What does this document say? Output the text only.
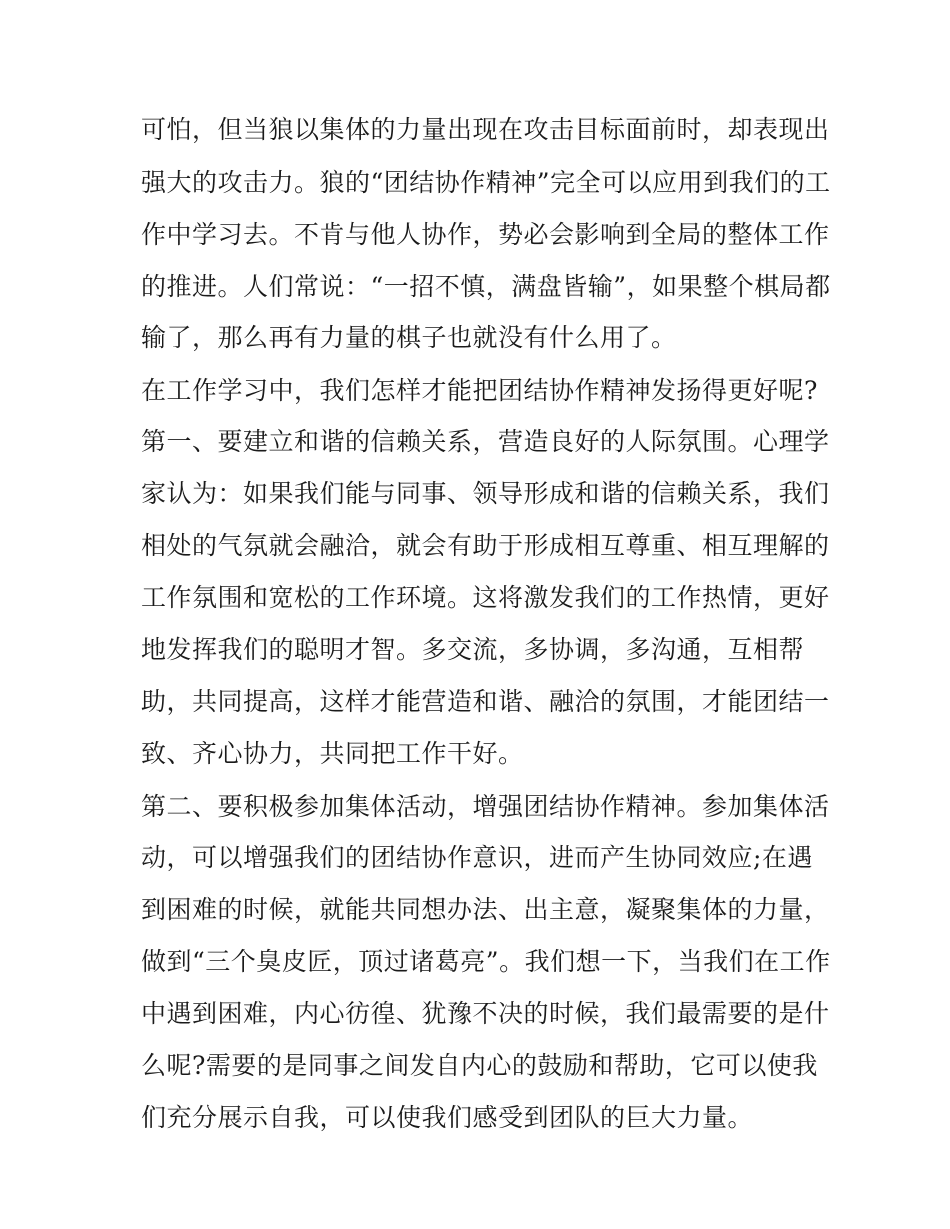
可怕，但当狼以集体的力量出现在攻击目标面前时，却表现出
强大的攻击力。狼的“团结协作精神”完全可以应用到我们的工
作中学习去。不肯与他人协作，势必会影响到全局的整体工作
的推进。人们常说：“一招不慎，满盘皆输”，如果整个棋局都
输了，那么再有力量的棋子也就没有什么用了。
在工作学习中，我们怎样才能把团结协作精神发扬得更好呢?
第一、要建立和谐的信赖关系，营造良好的人际氛围。心理学
家认为：如果我们能与同事、领导形成和谐的信赖关系，我们
相处的气氛就会融洽，就会有助于形成相互尊重、相互理解的
工作氛围和宽松的工作环境。这将激发我们的工作热情，更好
地发挥我们的聪明才智。多交流，多协调，多沟通，互相帮
助，共同提高，这样才能营造和谐、融洽的氛围，才能团结一
致、齐心协力，共同把工作干好。
第二、要积极参加集体活动，增强团结协作精神。参加集体活
动，可以增强我们的团结协作意识，进而产生协同效应;在遇
到困难的时候，就能共同想办法、出主意，凝聚集体的力量，
做到“三个臭皮匠，顶过诸葛亮”。我们想一下，当我们在工作
中遇到困难，内心彷徨、犹豫不决的时候，我们最需要的是什
么呢?需要的是同事之间发自内心的鼓励和帮助，它可以使我
们充分展示自我，可以使我们感受到团队的巨大力量。
